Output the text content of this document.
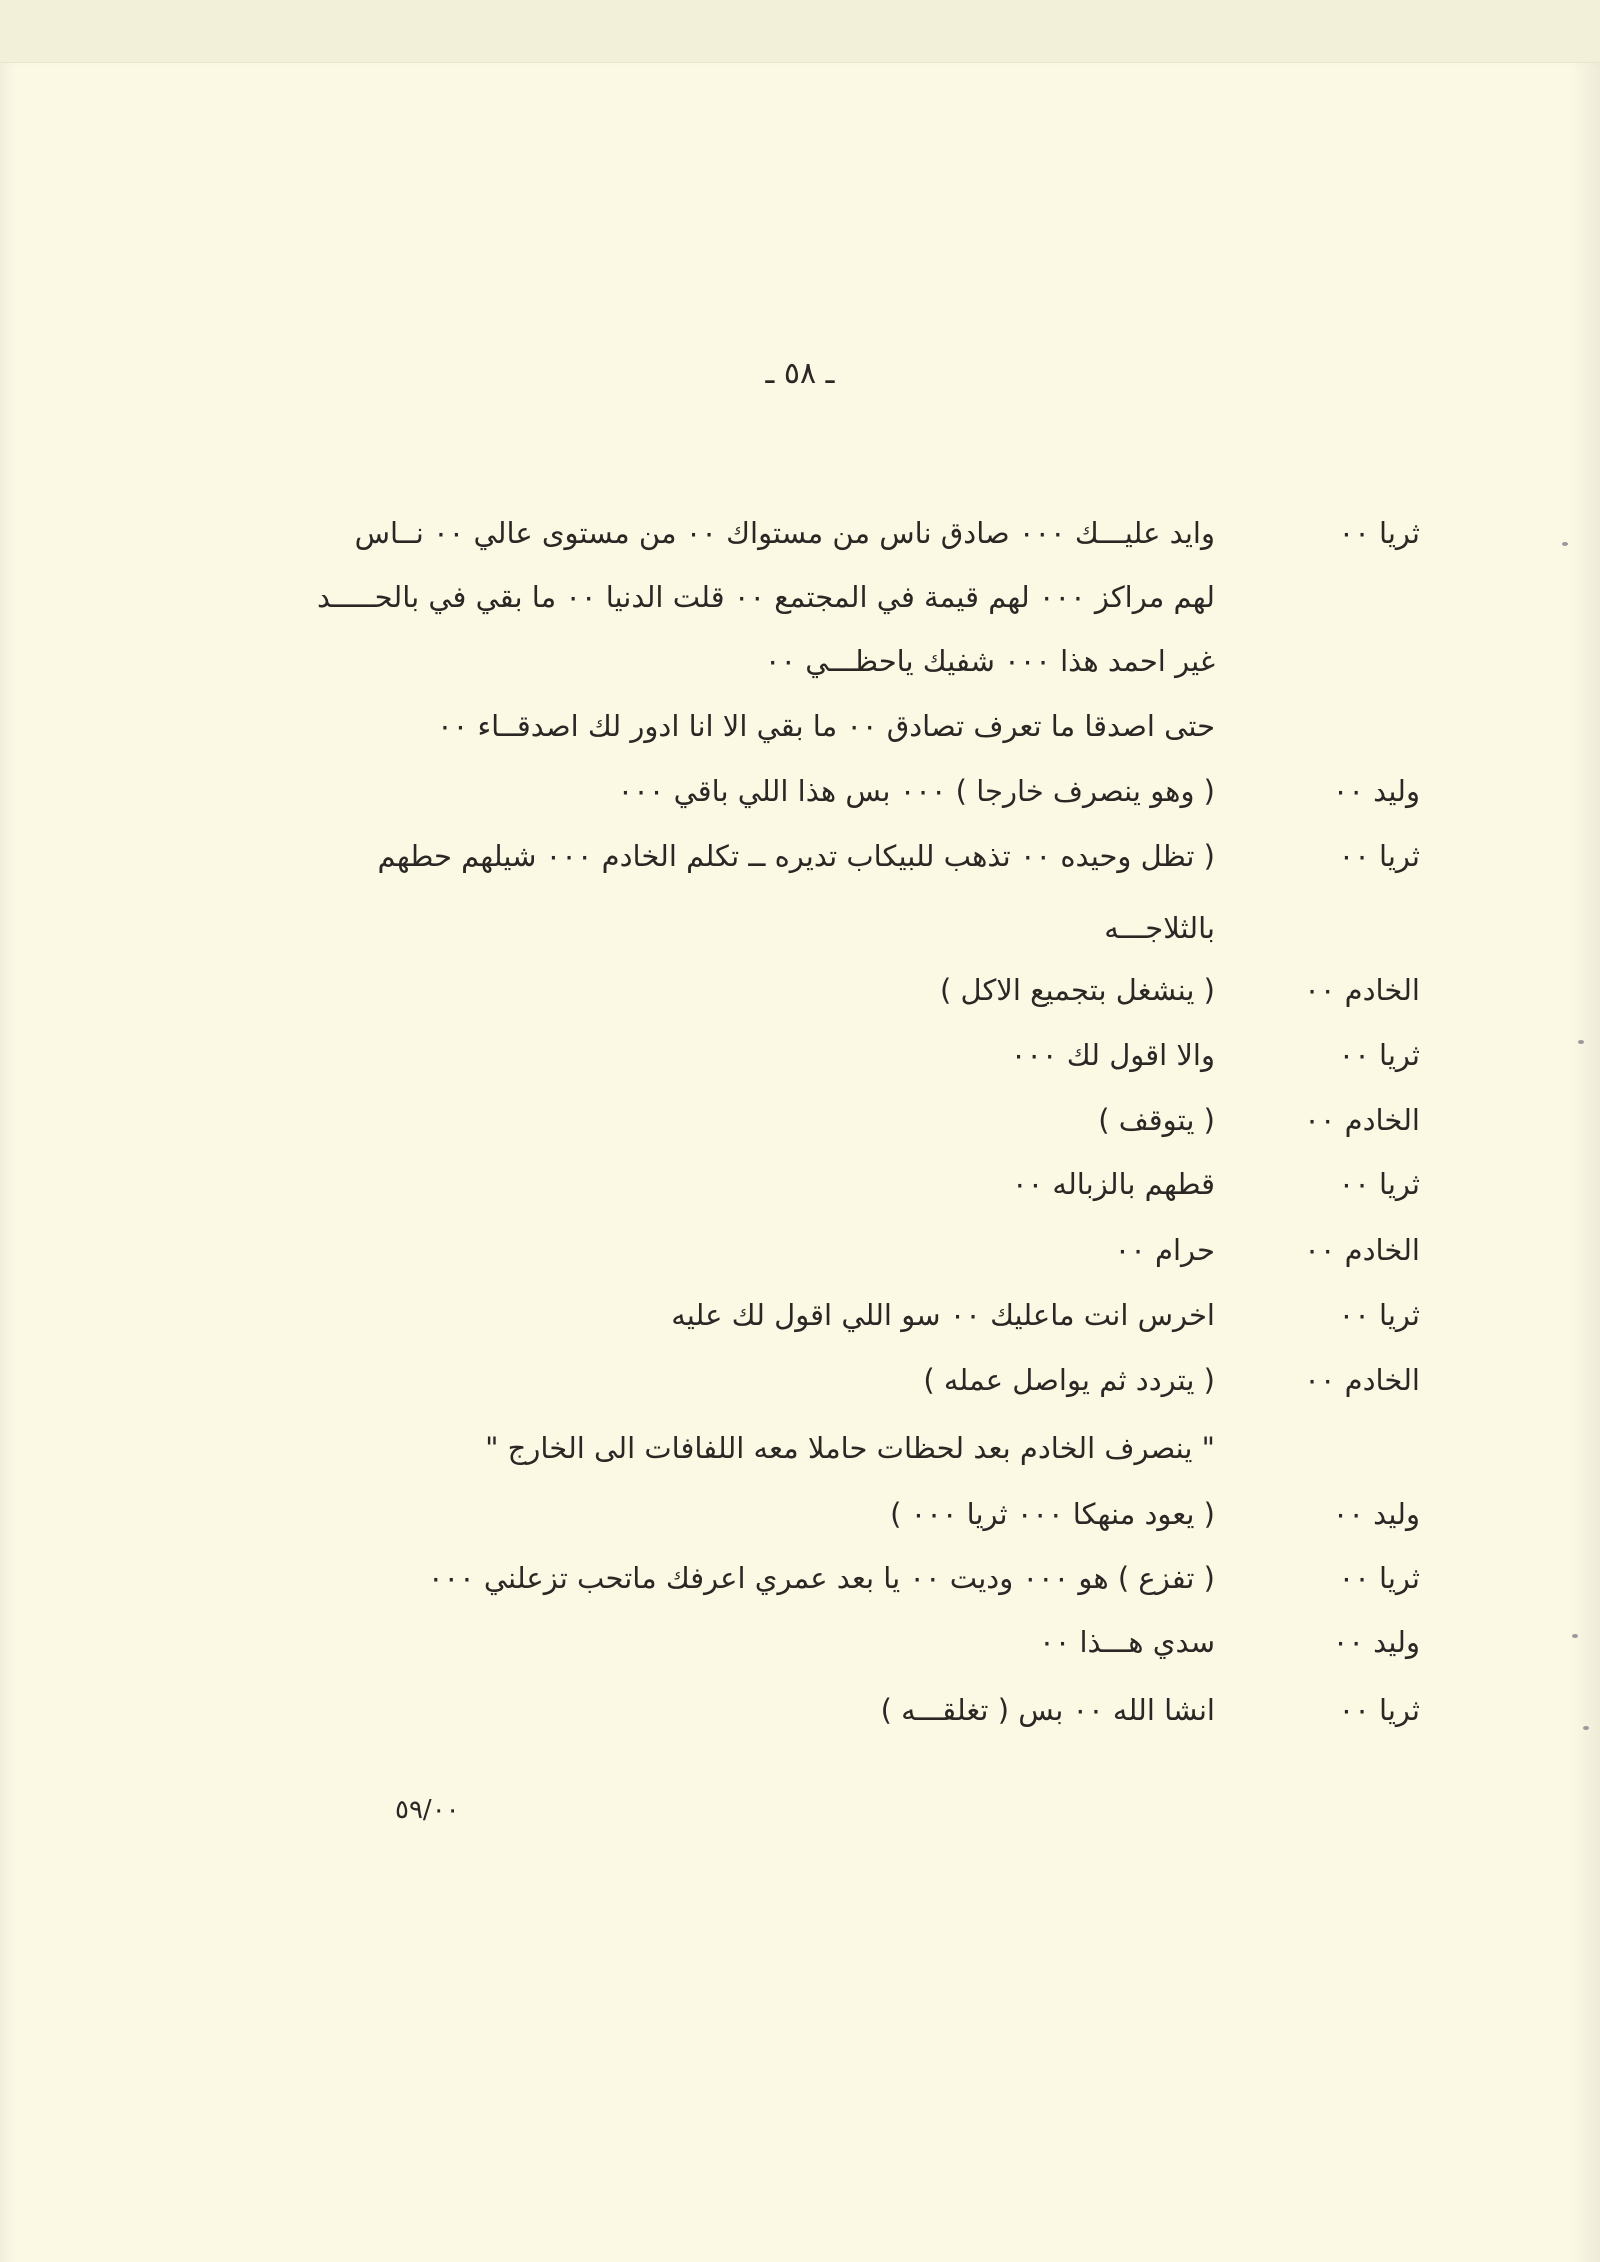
ـ ٥٨ ـ
ثريا ٠٠
وايد عليـــك ٠٠٠ صادق ناس من مستواك ٠٠ من مستوى عالي ٠٠ نــاس
لهم مراكز ٠٠٠ لهم قيمة في المجتمع ٠٠ قلت الدنيا ٠٠ ما بقي في بالحـــــد
غير احمد هذا ٠٠٠ شفيك ياحظـــي ٠٠
حتى اصدقا ما تعرف تصادق ٠٠ ما بقي الا انا ادور لك اصدقــاء ٠٠
وليد ٠٠
( وهو ينصرف خارجا ) ٠٠٠ بس هذا اللي باقي ٠٠٠
ثريا ٠٠
( تظل وحيده ٠٠ تذهب للبيكاب تديره ــ تكلم الخادم ٠٠٠ شيلهم حطهم
بالثلاجـــه
الخادم ٠٠
( ينشغل بتجميع الاكل )
ثريا ٠٠
والا اقول لك ٠٠٠
الخادم ٠٠
( يتوقف )
ثريا ٠٠
قطهم بالزباله ٠٠
الخادم ٠٠
حرام ٠٠
ثريا ٠٠
اخرس انت ماعليك ٠٠ سو اللي اقول لك عليه
الخادم ٠٠
( يتردد ثم يواصل عمله )
" ينصرف الخادم بعد لحظات حاملا معه اللفافات الى الخارج "
وليد ٠٠
( يعود منهكا ٠٠٠ ثريا ٠٠٠ )
ثريا ٠٠
( تفزع ) هو ٠٠٠ وديت ٠٠ يا بعد عمري اعرفك ماتحب تزعلني ٠٠٠
وليد ٠٠
سدي هـــذا ٠٠
ثريا ٠٠
انشا الله ٠٠ بس ( تغلقـــه )
٥٩/٠٠
